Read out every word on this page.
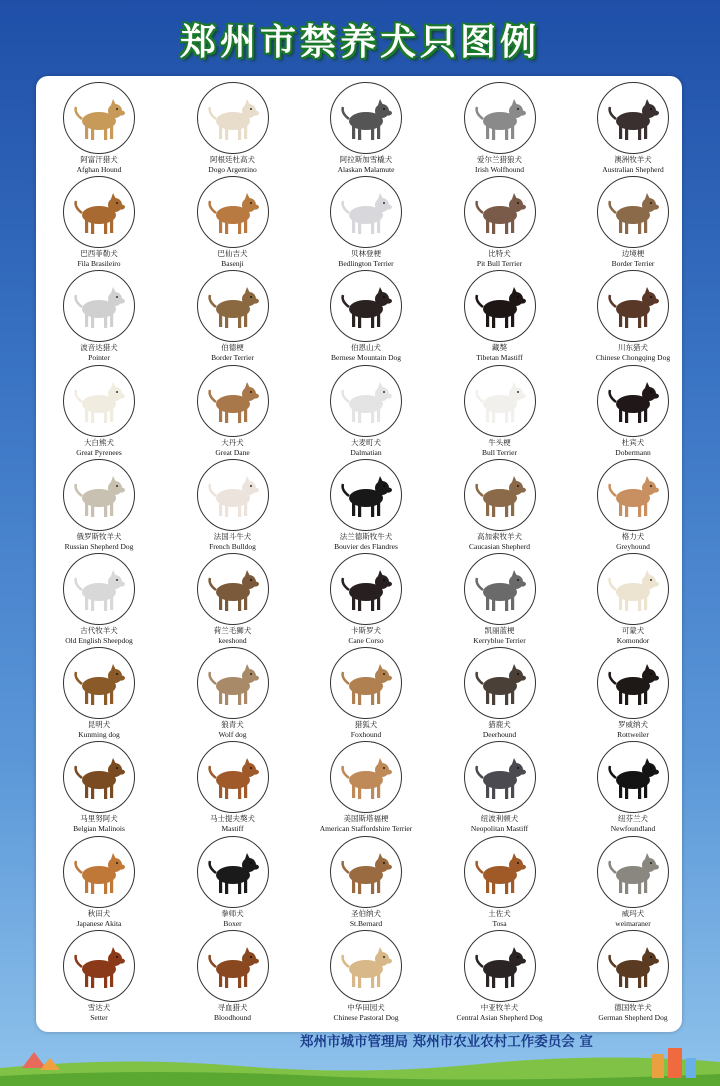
郑州市禁养犬只图例
阿富汗猎犬
Afghan Hound
阿根廷杜高犬
Dogo Argentino
阿拉斯加雪橇犬
Alaskan Malamute
爱尔兰猎狼犬
Irish Wolfhound
澳洲牧羊犬
Australian Shepherd
巴西菲勒犬
Fila Brasileiro
巴仙吉犬
Basenji
贝林登梗
Bedlington Terrier
比特犬
Pit Bull Terrier
边境梗
Border Terrier
波音达猎犬
Pointer
伯德梗
Border Terrier
伯恩山犬
Bernese Mountain Dog
藏獒
Tibetan Mastiff
川东猎犬
Chinese Chongqing Dog
大白熊犬
Great Pyrenees
大丹犬
Great Dane
大麦町犬
Dalmatian
牛头梗
Bull Terrier
杜宾犬
Dobermann
俄罗斯牧羊犬
Russian Shepherd Dog
法国斗牛犬
French Bulldog
法兰德斯牧牛犬
Bouvier des Flandres
高加索牧羊犬
Caucasian Shepherd
格力犬
Greyhound
古代牧羊犬
Old English Sheepdog
荷兰毛狮犬
keeshond
卡斯罗犬
Cane Corso
凯丽蓝梗
Kerryblue Terrier
可蒙犬
Komondor
昆明犬
Kunming dog
狼青犬
Wolf dog
猎狐犬
Foxhound
猎鹿犬
Deerhound
罗威纳犬
Rottweiler
马里努阿犬
Belgian Malinois
马士提夫獒犬
Mastiff
美国斯塔福梗
American Staffordshire Terrier
纽波利顿犬
Neopolitan Mastiff
纽芬兰犬
Newfoundland
秋田犬
Japanese Akita
拳师犬
Boxer
圣伯纳犬
St.Bernard
土佐犬
Tosa
威玛犬
weimaraner
雪达犬
Setter
寻血猎犬
Bloodhound
中华田园犬
Chinese Pastoral Dog
中亚牧羊犬
Central Asian Shepherd Dog
德国牧羊犬
German Shepherd Dog
郑州市城市管理局 郑州市农业农村工作委员会 宣
